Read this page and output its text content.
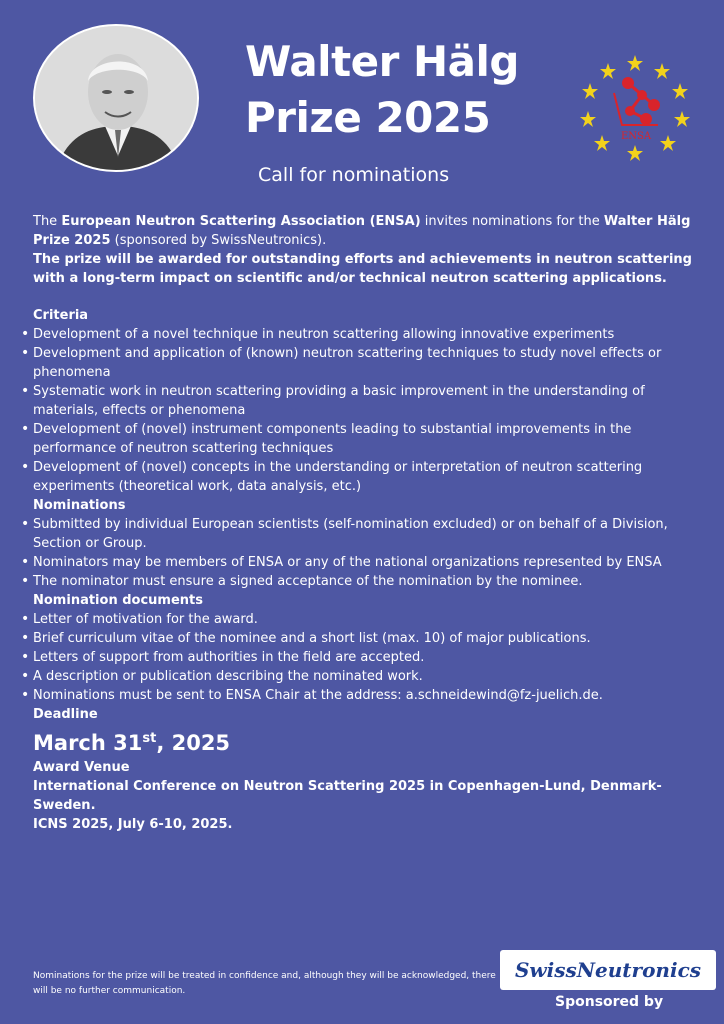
Walter Hälg
Prize 2025

Call for nominations

ENSA

The European Neutron Scattering Association (ENSA) invites nominations for the Walter Hälg Prize 2025 (sponsored by SwissNeutronics).

The prize will be awarded for outstanding efforts and achievements in neutron scattering with a long-term impact on scientific and/or technical neutron scattering applications.

Criteria

• Development of a novel technique in neutron scattering allowing innovative experiments
• Development and application of (known) neutron scattering techniques to study novel effects or phenomena
• Systematic work in neutron scattering providing a basic improvement in the understanding of materials, effects or phenomena
• Development of (novel) instrument components leading to substantial improvements in the performance of neutron scattering techniques
• Development of (novel) concepts in the understanding or interpretation of neutron scattering experiments (theoretical work, data analysis, etc.)

Nominations

• Submitted by individual European scientists (self-nomination excluded) or on behalf of a Division, Section or Group.
• Nominators may be members of ENSA or any of the national organizations represented by ENSA
• The nominator must ensure a signed acceptance of the nomination by the nominee.

Nomination documents

• Letter of motivation for the award.
• Brief curriculum vitae of the nominee and a short list (max. 10) of major publications.
• Letters of support from authorities in the field are accepted.
• A description or publication describing the nominated work.
• Nominations must be sent to ENSA Chair at the address: a.schneidewind@fz-juelich.de.

Deadline

March 31st, 2025

Award Venue

International Conference on Neutron Scattering 2025 in Copenhagen-Lund, Denmark-Sweden.

ICNS 2025, July 6-10, 2025.

Nominations for the prize will be treated in confidence and, although they will be acknowledged, there will be no further communication.

SwissNeutronics
Sponsored by
